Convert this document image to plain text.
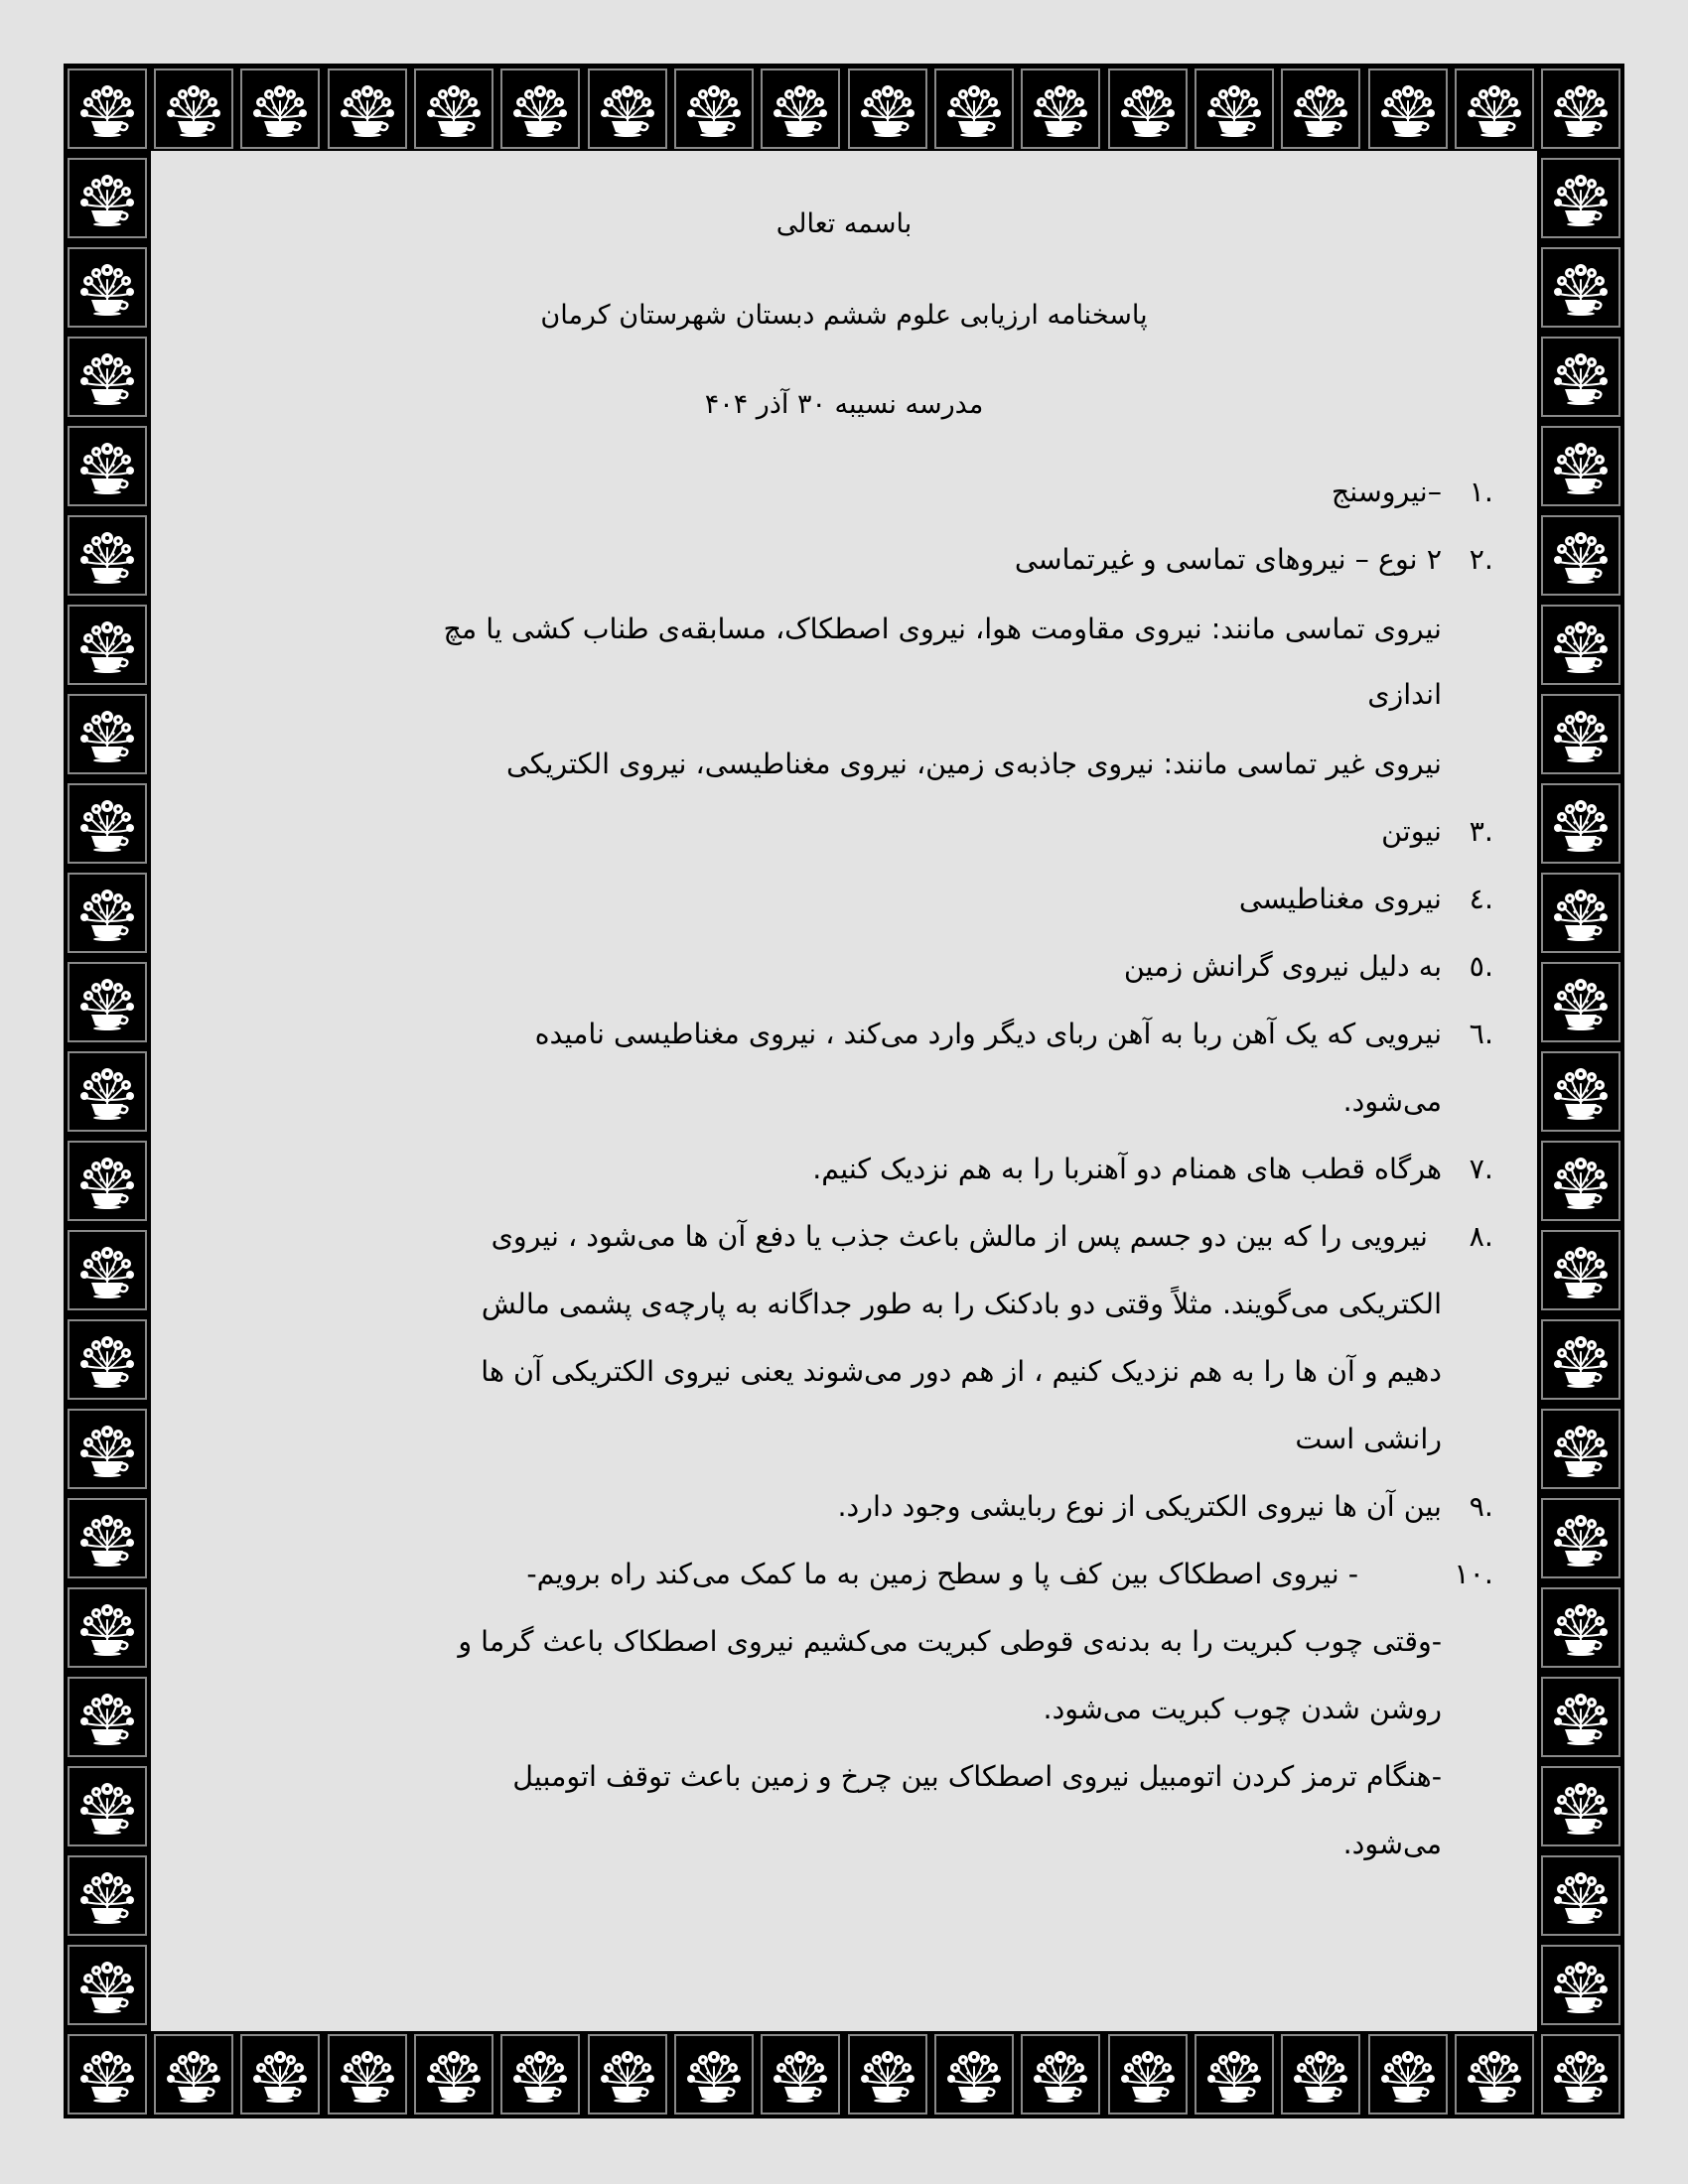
باسمه تعالی
پاسخنامه ارزیابی علوم ششم دبستان شهرستان کرمان
مدرسه نسیبه ۳۰ آذر ۴۰۴
۱.
–نیروسنج
۲.
۲ نوع – نیروهای تماسی و غیرتماسی
نیروی تماسی مانند: نیروی مقاومت هوا، نیروی اصطکاک، مسابقه‌ی طناب کشی یا مچ
اندازی
نیروی غیر تماسی مانند: نیروی جاذبه‌ی زمین، نیروی مغناطیسی، نیروی الکتریکی
۳.
نیوتن
٤.
نیروی مغناطیسی
٥.
به دلیل نیروی گرانش زمین
٦.
نیرویی که یک آهن ربا به آهن ربای دیگر وارد می‌کند ، نیروی مغناطیسی نامیده
می‌شود.
۷.
هرگاه قطب های همنام دو آهنربا را به هم نزدیک کنیم.
۸.
نیرویی را که بین دو جسم پس از مالش باعث جذب یا دفع آن ها می‌شود ، نیروی
الکتریکی می‌گویند. مثلاً وقتی دو بادکنک را به طور جداگانه به پارچه‌ی پشمی مالش
دهیم و آن ها را به هم نزدیک کنیم ، از هم دور می‌شوند یعنی نیروی الکتریکی آن ها
رانشی است
۹.
بین آن ها نیروی الکتریکی از نوع ربایشی وجود دارد.
۱۰.
- نیروی اصطکاک بین کف پا و سطح زمین به ما کمک می‌کند راه برویم-
-وقتی چوب کبریت را به بدنه‌ی قوطی کبریت می‌کشیم نیروی اصطکاک باعث گرما و
روشن شدن چوب کبریت می‌شود.
-هنگام ترمز کردن اتومبیل نیروی اصطکاک بین چرخ و زمین باعث توقف اتومبیل
می‌شود.
